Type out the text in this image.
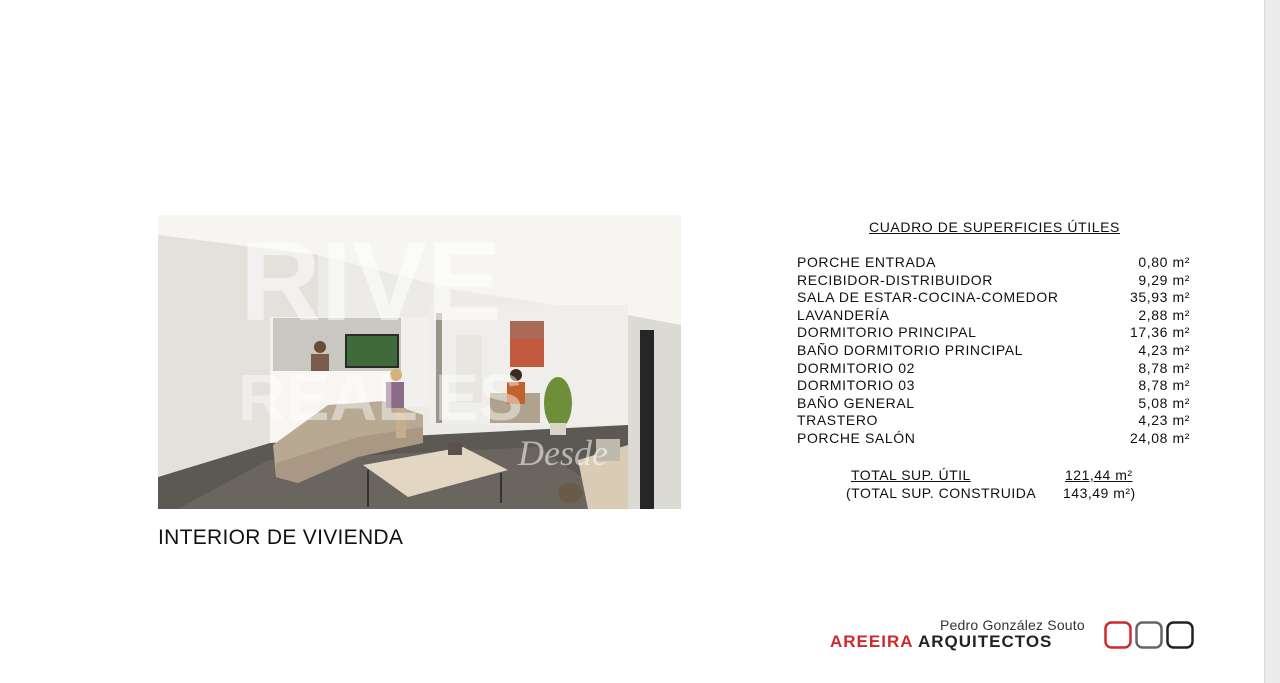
RIVE
REAL ES
Desde
INTERIOR DE VIVIENDA
CUADRO DE SUPERFICIES ÚTILES
PORCHE ENTRADA	0,80 m²
RECIBIDOR-DISTRIBUIDOR	9,29 m²
SALA DE ESTAR-COCINA-COMEDOR	35,93 m²
LAVANDERÍA	2,88 m²
DORMITORIO PRINCIPAL	17,36 m²
BAÑO DORMITORIO PRINCIPAL	4,23 m²
DORMITORIO 02	8,78 m²
DORMITORIO 03	8,78 m²
BAÑO GENERAL	5,08 m²
TRASTERO	4,23 m²
PORCHE SALÓN	24,08 m²
TOTAL SUP. ÚTIL	121,44 m²
(TOTAL SUP. CONSTRUIDA 143,49 m²)
Pedro González Souto
AREEIRA ARQUITECTOS
